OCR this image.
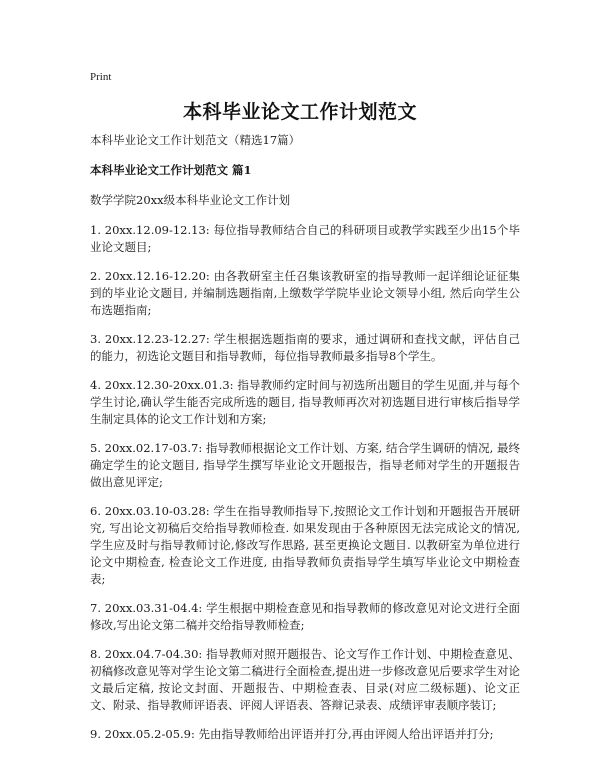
Print
本科毕业论文工作计划范文

本科毕业论文工作计划范文（精选17篇）

本科毕业论文工作计划范文 篇1

数学学院20xx级本科毕业论文工作计划

1. 20xx.12.09-12.13: 每位指导教师结合自己的科研项目或教学实践至少出15个毕业论文题目;

2. 20xx.12.16-12.20: 由各教研室主任召集该教研室的指导教师一起详细论证征集到的毕业论文题目, 并编制选题指南,上缴数学学院毕业论文领导小组, 然后向学生公布选题指南;

3. 20xx.12.23-12.27: 学生根据选题指南的要求，通过调研和查找文献，评估自己的能力，初选论文题目和指导教师，每位指导教师最多指导8个学生。

4. 20xx.12.30-20xx.01.3: 指导教师约定时间与初选所出题目的学生见面,并与每个学生讨论,确认学生能否完成所选的题目, 指导教师再次对初选题目进行审核后指导学生制定具体的论文工作计划和方案;

5. 20xx.02.17-03.7: 指导教师根据论文工作计划、方案, 结合学生调研的情况, 最终确定学生的论文题目, 指导学生撰写毕业论文开题报告，指导老师对学生的开题报告做出意见评定;

6. 20xx.03.10-03.28: 学生在指导教师指导下,按照论文工作计划和开题报告开展研究, 写出论文初稿后交给指导教师检查. 如果发现由于各种原因无法完成论文的情况, 学生应及时与指导教师讨论,修改写作思路, 甚至更换论文题目. 以教研室为单位进行论文中期检查, 检查论文工作进度, 由指导教师负责指导学生填写毕业论文中期检查表;

7. 20xx.03.31-04.4: 学生根据中期检查意见和指导教师的修改意见对论文进行全面修改,写出论文第二稿并交给指导教师检查;

8. 20xx.04.7-04.30: 指导教师对照开题报告、论文写作工作计划、中期检查意见、初稿修改意见等对学生论文第二稿进行全面检查,提出进一步修改意见后要求学生对论文最后定稿, 按论文封面、开题报告、中期检查表、目录(对应二级标题)、论文正文、附录、指导教师评语表、评阅人评语表、答辩记录表、成绩评审表顺序装订;

9. 20xx.05.2-05.9: 先由指导教师给出评语并打分,再由评阅人给出评语并打分;
